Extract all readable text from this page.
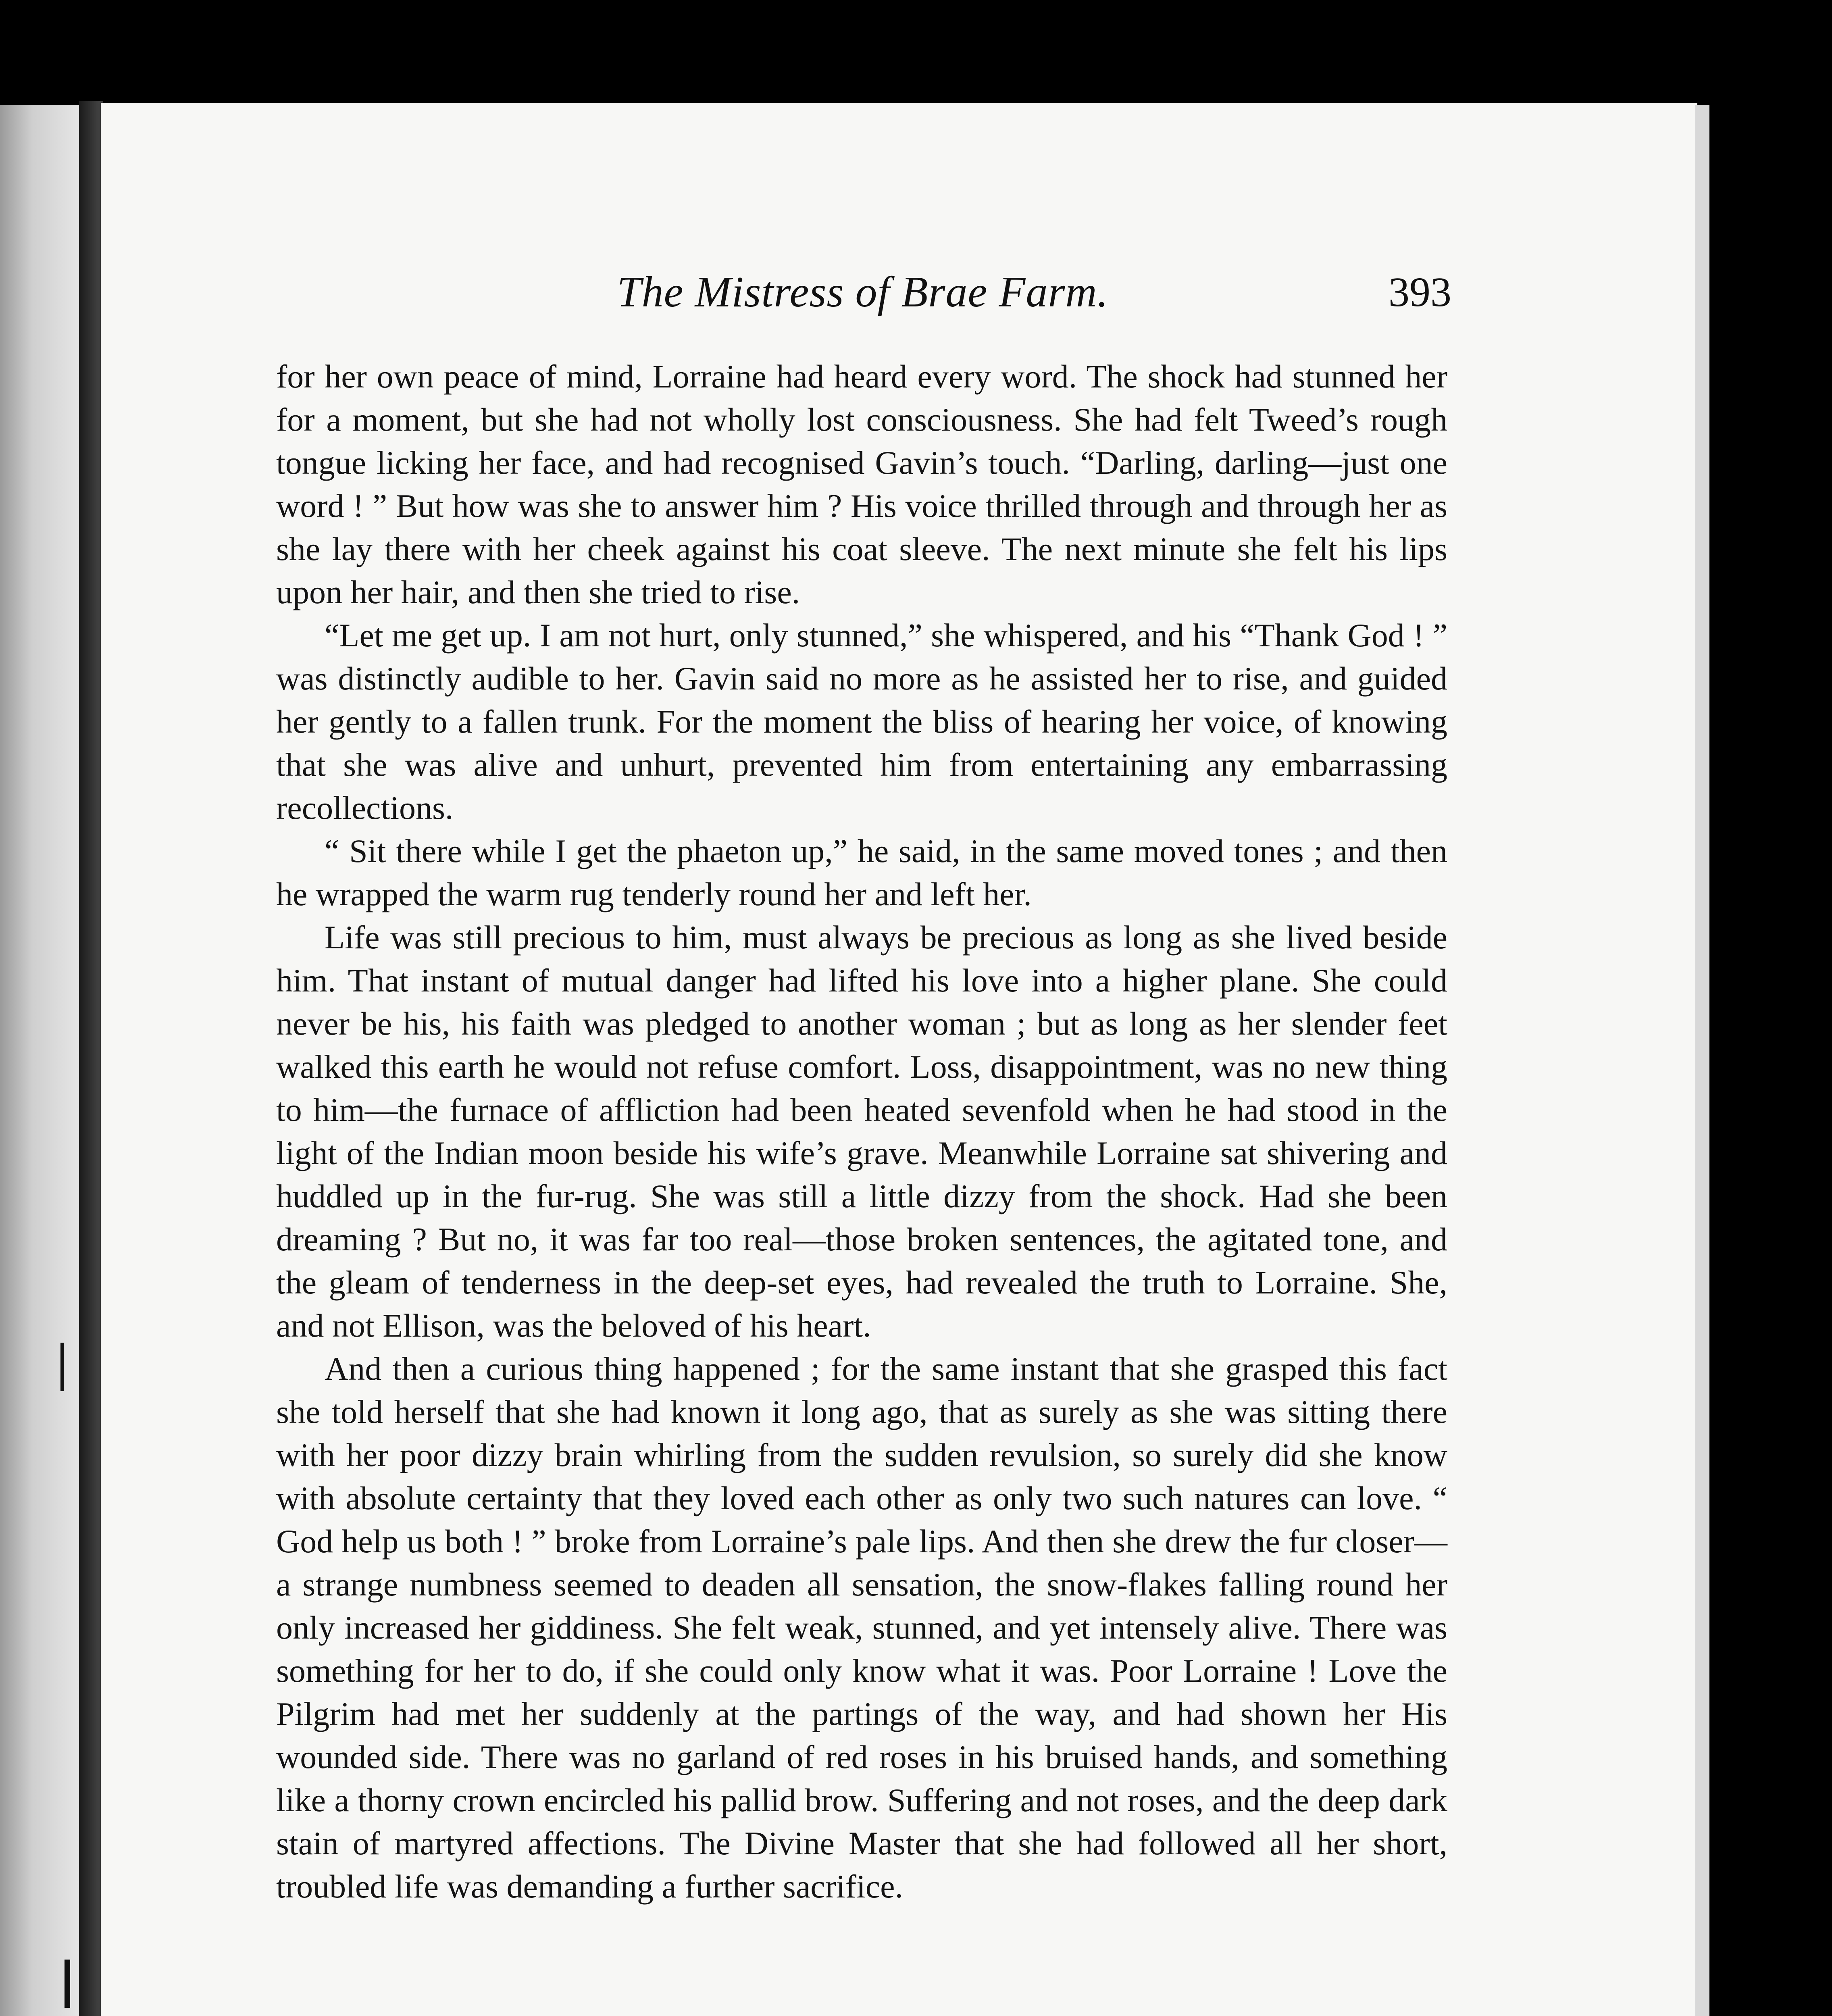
The Mistress of Brae Farm.	393

for her own peace of mind, Lorraine had heard every word. The shock had stunned her for a moment, but she had not wholly lost consciousness. She had felt Tweed’s rough tongue licking her face, and had recognised Gavin’s touch. “Darling, darling—just one word ! ” But how was she to answer him ? His voice thrilled through and through her as she lay there with her cheek against his coat sleeve. The next minute she felt his lips upon her hair, and then she tried to rise.

“Let me get up. I am not hurt, only stunned,” she whispered, and his “Thank God ! ” was distinctly audible to her. Gavin said no more as he assisted her to rise, and guided her gently to a fallen trunk. For the moment the bliss of hearing her voice, of knowing that she was alive and unhurt, prevented him from entertaining any embarrassing recollections.

“ Sit there while I get the phaeton up,” he said, in the same moved tones ; and then he wrapped the warm rug tenderly round her and left her.

Life was still precious to him, must always be precious as long as she lived beside him. That instant of mutual danger had lifted his love into a higher plane. She could never be his, his faith was pledged to another woman ; but as long as her slender feet walked this earth he would not refuse comfort. Loss, disappointment, was no new thing to him—the furnace of affliction had been heated sevenfold when he had stood in the light of the Indian moon beside his wife’s grave. Meanwhile Lorraine sat shivering and huddled up in the fur-rug. She was still a little dizzy from the shock. Had she been dreaming ? But no, it was far too real—those broken sentences, the agitated tone, and the gleam of tenderness in the deep-set eyes, had revealed the truth to Lorraine. She, and not Ellison, was the beloved of his heart.

And then a curious thing happened ; for the same instant that she grasped this fact she told herself that she had known it long ago, that as surely as she was sitting there with her poor dizzy brain whirling from the sudden revulsion, so surely did she know with absolute certainty that they loved each other as only two such natures can love. “ God help us both ! ” broke from Lorraine’s pale lips. And then she drew the fur closer—a strange numbness seemed to deaden all sensation, the snow-flakes falling round her only increased her giddiness. She felt weak, stunned, and yet intensely alive. There was something for her to do, if she could only know what it was. Poor Lorraine ! Love the Pilgrim had met her suddenly at the partings of the way, and had shown her His wounded side. There was no garland of red roses in his bruised hands, and something like a thorny crown encircled his pallid brow. Suffering and not roses, and the deep dark stain of martyred affections. The Divine Master that she had followed all her short, troubled life was demanding a further sacrifice.
